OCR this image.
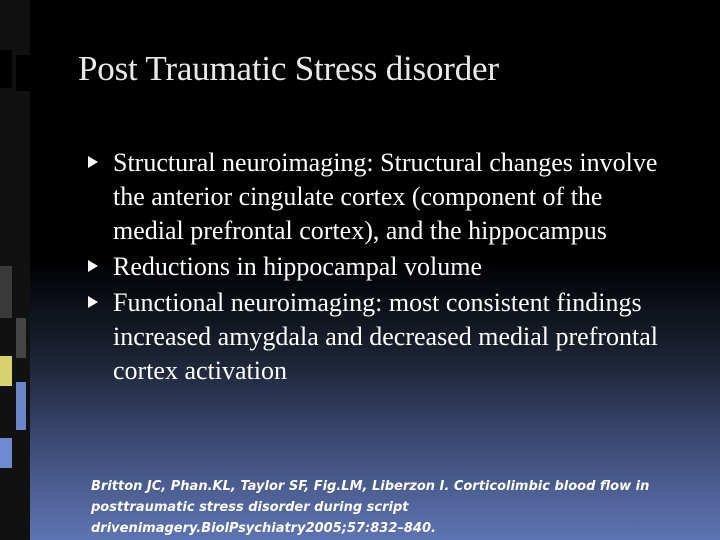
Post Traumatic Stress disorder
Structural neuroimaging: Structural changes involve the anterior cingulate cortex (component of the medial prefrontal cortex), and the hippocampus
Reductions in hippocampal volume
Functional neuroimaging: most consistent findings increased amygdala and decreased medial prefrontal cortex activation
Britton JC, Phan.KL, Taylor SF, Fig.LM, Liberzon I. Corticolimbic blood flow in posttraumatic stress disorder during script drivenimagery.BiolPsychiatry2005;57:832–840.
